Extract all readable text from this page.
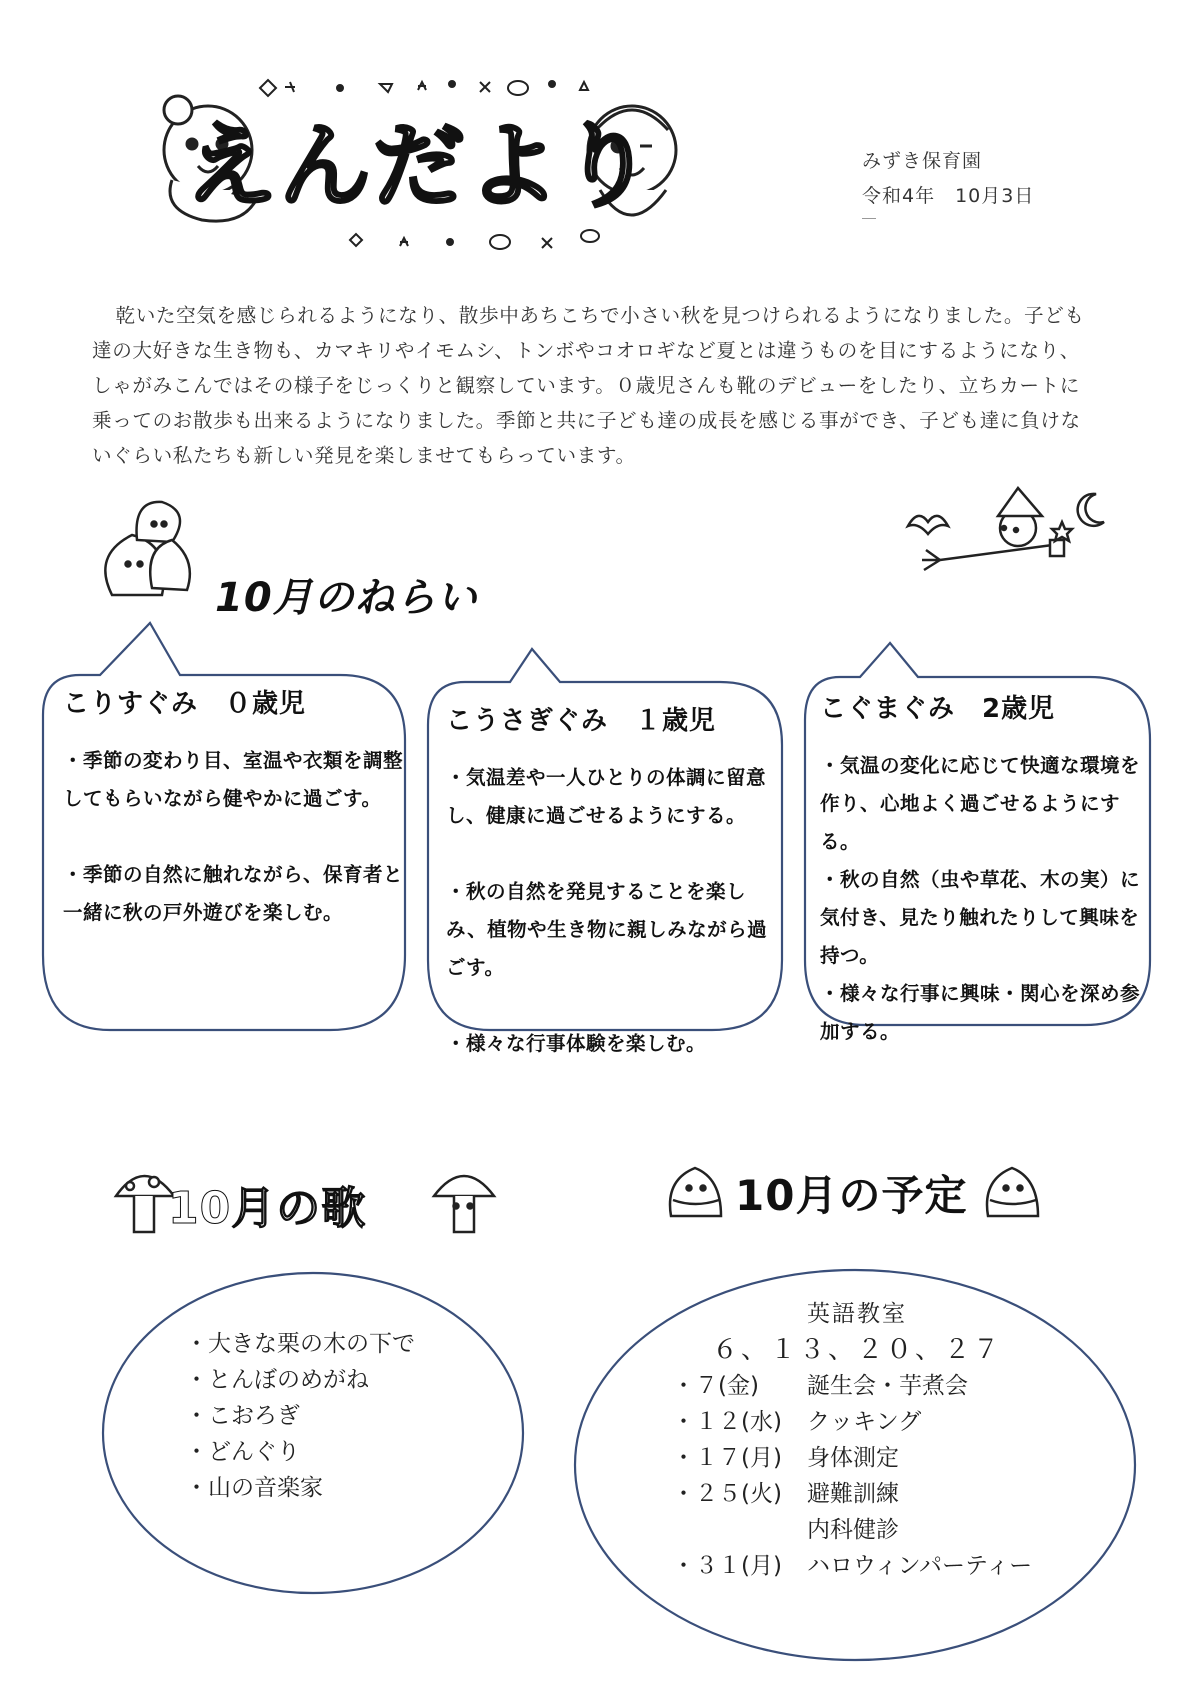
えんだより	みずき保育園
令和4年　10月3日

乾いた空気を感じられるようになり、散歩中あちこちで小さい秋を見つけられるようになりました。子ども達の大好きな生き物も、カマキリやイモムシ、トンボやコオロギなど夏とは違うものを目にするようになり、しゃがみこんではその様子をじっくりと観察しています。０歳児さんも靴のデビューをしたり、立ちカートに乗ってのお散歩も出来るようになりました。季節と共に子ども達の成長を感じる事ができ、子ども達に負けないぐらい私たちも新しい発見を楽しませてもらっています。

10月のねらい
こりすぐみ　０歳児

・季節の変わり目、室温や衣類を調整してもらいながら健やかに過ごす。

・季節の自然に触れながら、保育者と一緒に秋の戸外遊びを楽しむ。

こうさぎぐみ　１歳児

・気温差や一人ひとりの体調に留意し、健康に過ごせるようにする。

・秋の自然を発見することを楽しみ、植物や生き物に親しみながら過ごす。

・様々な行事体験を楽しむ。

こぐまぐみ　2歳児

・気温の変化に応じて快適な環境を作り、心地よく過ごせるようにする。

・秋の自然（虫や草花、木の実）に気付き、見たり触れたりして興味を持つ。

・様々な行事に興味・関心を深め参加する。

10月の歌
・ 大きな栗の木の下で
・ とんぼのめがね
・ こおろぎ
・ どんぐり
・ 山の音楽家
10月の予定
英語教室
６、１３、２０、２７
・７(金)	誕生会・芋煮会
・１２(水)	クッキング
・１７(月)	身体測定
・２５(火)	避難訓練
内科健診
・３１(月)	ハロウィンパーティー
